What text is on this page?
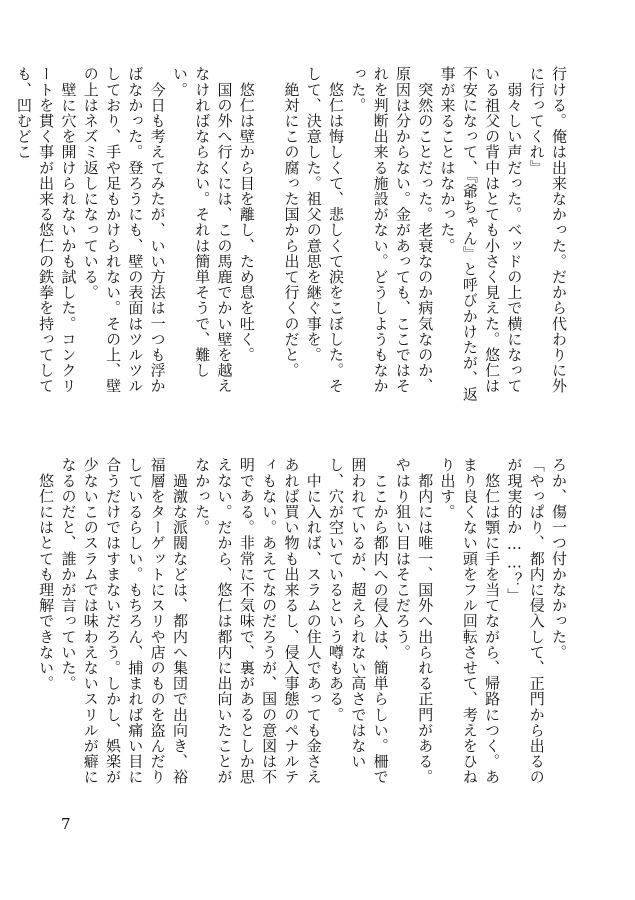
行ける。俺は出来なかった。だから代わりに外に行ってくれ』

　弱々しい声だった。ベッドの上で横になっている祖父の背中はとても小さく見えた。悠仁は不安になって、『爺ちゃん』と呼びかけたが、返事が来ることはなかった。

　突然のことだった。老衰なのか病気なのか、原因は分からない。金があっても、ここではそれを判断出来る施設がない。どうしようもなかった。

　悠仁は悔しくて、悲しくて涙をこぼした。そして、決意した。祖父の意思を継ぐ事を。

　絶対にこの腐った国から出て行くのだと。

　悠仁は壁から目を離し、ため息を吐く。

　国の外へ行くには、この馬鹿でかい壁を越えなければならない。それは簡単そうで、難しい。

　今日も考えてみたが、いい方法は一つも浮かばなかった。登ろうにも、壁の表面はツルツルしており、手や足もかけられない。その上、壁の上はネズミ返しになっている。

　壁に穴を開けられないかも試した。コンクリートを貫く事が出来る悠仁の鉄拳を持ってしても、凹むどこ

ろか、傷一つ付かなかった。

「やっぱり、都内に侵入して、正門から出るのが現実的か……？」

　悠仁は顎に手を当てながら、帰路につく。あまり良くない頭をフル回転させて、考えをひねり出す。

　都内には唯一、国外へ出られる正門がある。やはり狙い目はそこだろう。

　ここから都内への侵入は、簡単らしい。柵で囲われているが、超えられない高さではないし、穴が空いているという噂もある。

　中に入れば、スラムの住人であっても金さえあれば買い物も出来るし、侵入事態のペナルティもない。あえてなのだろうが、国の意図は不明である。非常に不気味で、裏があるとしか思えない。だから、悠仁は都内に出向いたことがなかった。

　過激な派閥などは、都内へ集団で出向き、裕福層をターゲットにスリや店のものを盗んだりしているらしい。もちろん、捕まれば痛い目に合うだけではすまないだろう。しかし、娯楽が少ないこのスラムでは味わえないスリルが癖になるのだと、誰かが言っていた。

　悠仁にはとても理解できない。

7
